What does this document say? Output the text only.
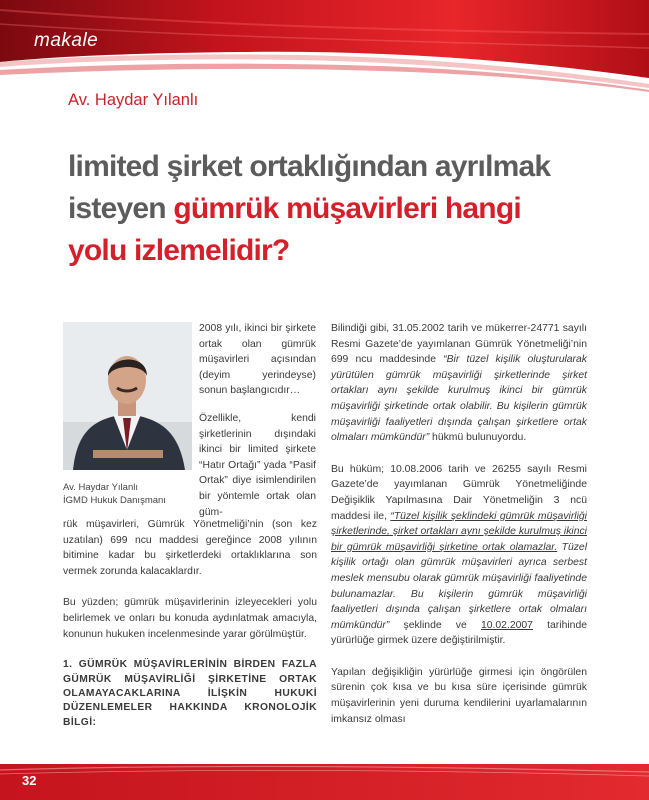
makale
Av. Haydar Yılanlı
limited şirket ortaklığından ayrılmak
isteyen gümrük müşavirleri hangi
yolu izlemelidir?
Av. Haydar Yılanlı
İGMD Hukuk Danışmanı

2008 yılı, ikinci bir şirkete ortak olan gümrük müşavirleri açısından (deyim yerindeyse) sonun başlangıcıdır…

Özellikle, kendi şirketlerinin dışındaki ikinci bir limited şirkete “Hatır Ortağı” yada “Pasif Ortak” diye isimlendirilen bir yöntemle ortak olan güm-

rük müşavirleri, Gümrük Yönetmeliği’nin (son kez uzatılan) 699 ncu maddesi gereğince 2008 yılının bitimine kadar bu şirketlerdeki ortaklıklarına son vermek zorunda kalacaklardır.

Bu yüzden; gümrük müşavirlerinin izleyecekleri yolu belirlemek ve onları bu konuda aydınlatmak amacıyla, konunun hukuken incelenmesinde yarar görülmüştür.

1. GÜMRÜK MÜŞAVİRLERİNİN BİRDEN FAZLA GÜMRÜK MÜŞAVİRLİĞİ ŞİRKETİNE ORTAK OLAMAYACAKLARINA İLİŞKİN HUKUKİ DÜZENLEMELER HAKKINDA KRONOLOJİK BİLGİ:

Bilindiği gibi, 31.05.2002 tarih ve mükerrer-24771 sayılı Resmi Gazete’de yayımlanan Gümrük Yönetmeliği’nin 699 ncu maddesinde “Bir tüzel kişilik oluşturularak yürütülen gümrük müşavirliği şirketlerinde şirket ortakları aynı şekilde kurulmuş ikinci bir gümrük müşavirliği şirketinde ortak olabilir. Bu kişilerin gümrük müşavirliği faaliyetleri dışında çalışan şirketlere ortak olmaları mümkündür” hükmü bulunuyordu.

Bu hüküm; 10.08.2006 tarih ve 26255 sayılı Resmi Gazete’de yayımlanan Gümrük Yönetmeliğinde Değişiklik Yapılmasına Dair Yönetmeliğin 3 ncü maddesi ile, “Tüzel kişilik şeklindeki gümrük müşavirliği şirketlerinde, şirket ortakları aynı şekilde kurulmuş ikinci bir gümrük müşavirliği şirketine ortak olamazlar. Tüzel kişilik ortağı olan gümrük müşavirleri ayrıca serbest meslek mensubu olarak gümrük müşavirliği faaliyetinde bulunamazlar. Bu kişilerin gümrük müşavirliği faaliyetleri dışında çalışan şirketlere ortak olmaları mümkündür” şeklinde ve 10.02.2007 tarihinde yürürlüğe girmek üzere değiştirilmiştir.

Yapılan değişikliğin yürürlüğe girmesi için öngörülen sürenin çok kısa ve bu kısa süre içerisinde gümrük müşavirlerinin yeni duruma kendilerini uyarlamalarının imkansız olması

32
